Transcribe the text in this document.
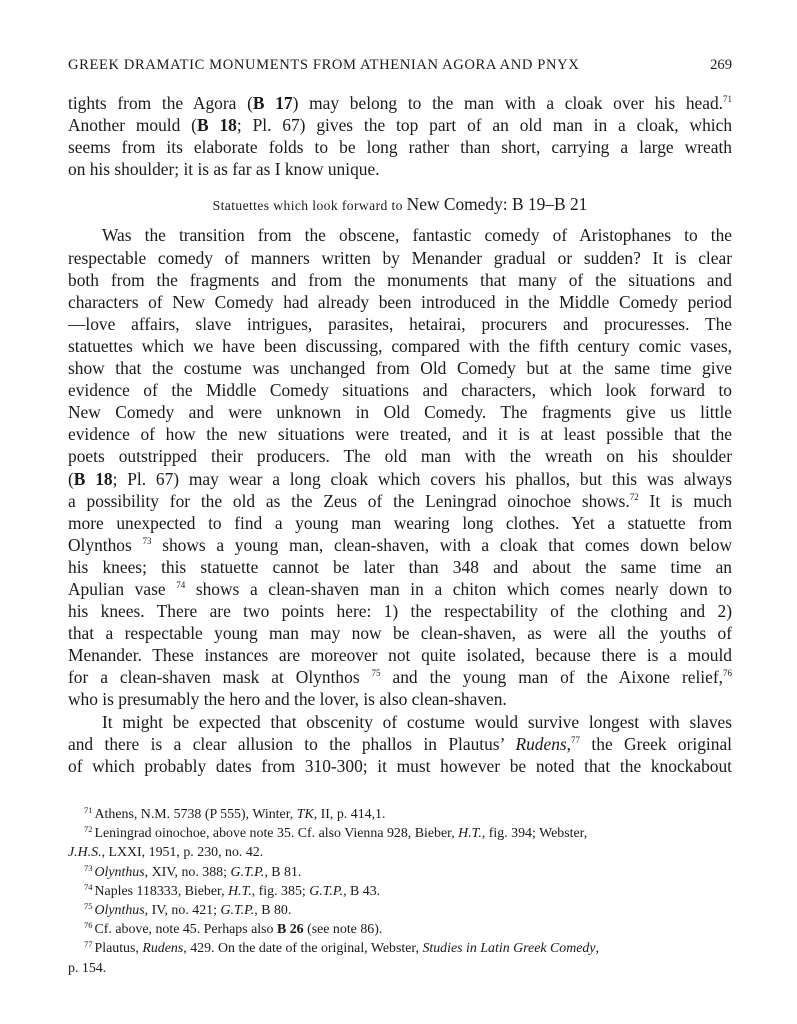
GREEK DRAMATIC MONUMENTS FROM ATHENIAN AGORA AND PNYX	269
tights from the Agora (B 17) may belong to the man with a cloak over his head.$^{71}$
Another mould (B 18; Pl. 67) gives the top part of an old man in a cloak, which
seems from its elaborate folds to be long rather than short, carrying a large wreath
on his shoulder; it is as far as I know unique.
Statuettes which look forward to New Comedy: B 19–B 21
Was the transition from the obscene, fantastic comedy of Aristophanes to the
respectable comedy of manners written by Menander gradual or sudden? It is clear
both from the fragments and from the monuments that many of the situations and
characters of New Comedy had already been introduced in the Middle Comedy period
—love affairs, slave intrigues, parasites, hetairai, procurers and procuresses. The
statuettes which we have been discussing, compared with the fifth century comic vases,
show that the costume was unchanged from Old Comedy but at the same time give
evidence of the Middle Comedy situations and characters, which look forward to
New Comedy and were unknown in Old Comedy. The fragments give us little
evidence of how the new situations were treated, and it is at least possible that the
poets outstripped their producers. The old man with the wreath on his shoulder
(B 18; Pl. 67) may wear a long cloak which covers his phallos, but this was always
a possibility for the old as the Zeus of the Leningrad oinochoe shows.$^{72}$ It is much
more unexpected to find a young man wearing long clothes. Yet a statuette from
Olynthos $^{73}$ shows a young man, clean-shaven, with a cloak that comes down below
his knees; this statuette cannot be later than 348 and about the same time an
Apulian vase $^{74}$ shows a clean-shaven man in a chiton which comes nearly down to
his knees. There are two points here: 1) the respectability of the clothing and 2)
that a respectable young man may now be clean-shaven, as were all the youths of
Menander. These instances are moreover not quite isolated, because there is a mould
for a clean-shaven mask at Olynthos $^{75}$ and the young man of the Aixone relief,$^{76}$
who is presumably the hero and the lover, is also clean-shaven.
It might be expected that obscenity of costume would survive longest with slaves
and there is a clear allusion to the phallos in Plautus’ Rudens,$^{77}$ the Greek original
of which probably dates from 310-300; it must however be noted that the knockabout
$^{71}$ Athens, N.M. 5738 (P 555), Winter, TK, II, p. 414,1.
$^{72}$ Leningrad oinochoe, above note 35. Cf. also Vienna 928, Bieber, H.T., fig. 394; Webster,
J.H.S., LXXI, 1951, p. 230, no. 42.
$^{73}$ Olynthus, XIV, no. 388; G.T.P., B 81.
$^{74}$ Naples 118333, Bieber, H.T., fig. 385; G.T.P., B 43.
$^{75}$ Olynthus, IV, no. 421; G.T.P., B 80.
$^{76}$ Cf. above, note 45. Perhaps also B 26 (see note 86).
$^{77}$ Plautus, Rudens, 429. On the date of the original, Webster, Studies in Latin Greek Comedy,
p. 154.
